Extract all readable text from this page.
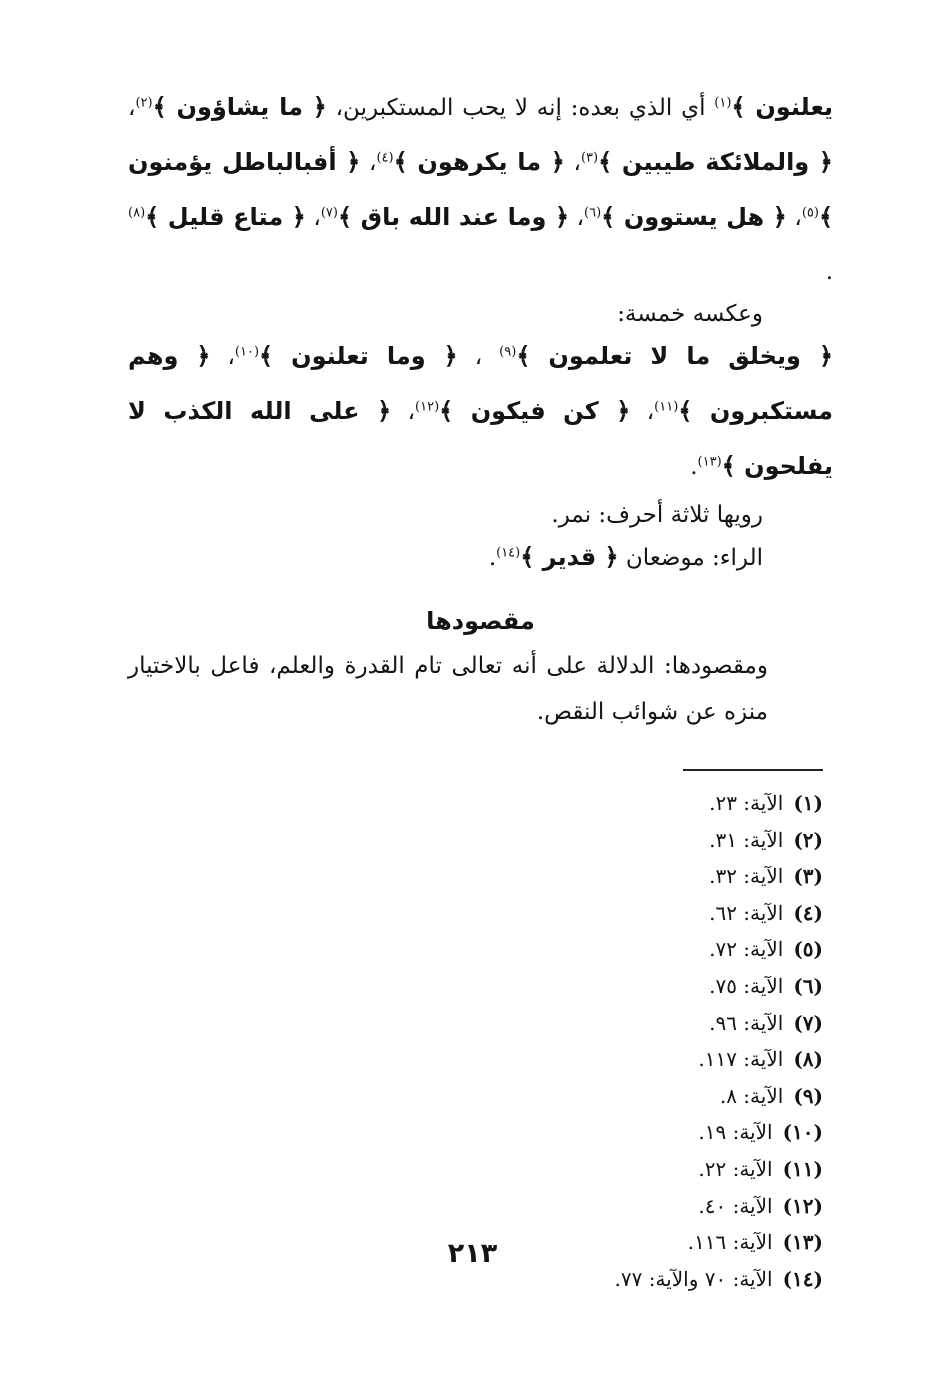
يعلنون ﴾$^{(١)}$ أي الذي بعده: إنه لا يحب المستكبرين، ﴿ ما يشاؤون ﴾$^{(٢)}$، ﴿ والملائكة طيبين ﴾$^{(٣)}$، ﴿ ما يكرهون ﴾$^{(٤)}$، ﴿ أفبالباطل يؤمنون ﴾$^{(٥)}$، ﴿ هل يستوون ﴾$^{(٦)}$، ﴿ وما عند الله باق ﴾$^{(٧)}$، ﴿ متاع قليل ﴾$^{(٨)}$ .

وعكسه خمسة:

﴿ ويخلق ما لا تعلمون ﴾$^{(٩)}$ ، ﴿ وما تعلنون ﴾$^{(١٠)}$، ﴿ وهم مستكبرون ﴾$^{(١١)}$، ﴿ كن فيكون ﴾$^{(١٢)}$، ﴿ على الله الكذب لا يفلحون ﴾$^{(١٣)}$.

رويها ثلاثة أحرف: نمر.

الراء: موضعان ﴿ قدير ﴾$^{(١٤)}$.

مقصودها

ومقصودها: الدلالة على أنه تعالى تام القدرة والعلم، فاعل بالاختيار منزه عن شوائب النقص.

(١)الآية: ٢٣.
(٢)الآية: ٣١.
(٣)الآية: ٣٢.
(٤)الآية: ٦٢.
(٥)الآية: ٧٢.
(٦)الآية: ٧٥.
(٧)الآية: ٩٦.
(٨)الآية: ١١٧.
(٩)الآية: ٨.
(١٠)الآية: ١٩.
(١١)الآية: ٢٢.
(١٢)الآية: ٤٠.
(١٣)الآية: ١١٦.
(١٤)الآية: ٧٠ والآية: ٧٧.
٢١٣
